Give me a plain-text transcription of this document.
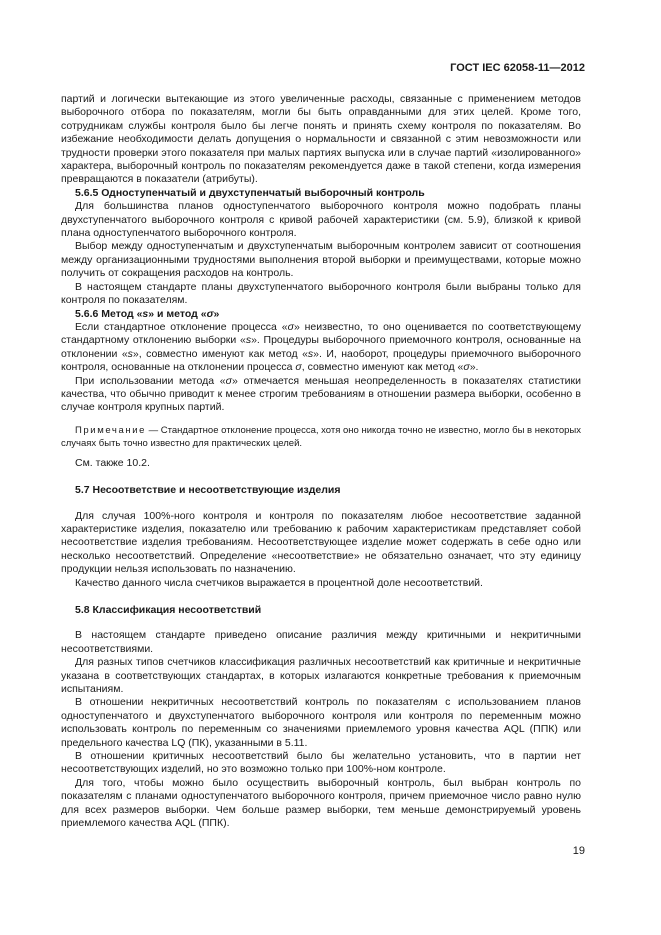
ГОСТ IEC 62058-11—2012

партий и логически вытекающие из этого увеличенные расходы, связанные с применением методов выборочного отбора по показателям, могли бы быть оправданными для этих целей. Кроме того, сотрудникам службы контроля было бы легче понять и принять схему контроля по показателям. Во избежание необходимости делать допущения о нормальности и связанной с этим невозможности или трудности проверки этого показателя при малых партиях выпуска или в случае партий «изолированного» характера, выборочный контроль по показателям рекомендуется даже в такой степени, когда измерения превращаются в показатели (атрибуты).

5.6.5 Одноступенчатый и двухступенчатый выборочный контроль

Для большинства планов одноступенчатого выборочного контроля можно подобрать планы двухступенчатого выборочного контроля с кривой рабочей характеристики (см. 5.9), близкой к кривой плана одноступенчатого выборочного контроля.

Выбор между одноступенчатым и двухступенчатым выборочным контролем зависит от соотношения между организационными трудностями выполнения второй выборки и преимуществами, которые можно получить от сокращения расходов на контроль.

В настоящем стандарте планы двухступенчатого выборочного контроля были выбраны только для контроля по показателям.

5.6.6 Метод «s» и метод «σ»

Если стандартное отклонение процесса «σ» неизвестно, то оно оценивается по соответствующему стандартному отклонению выборки «s». Процедуры выборочного приемочного контроля, основанные на отклонении «s», совместно именуют как метод «s». И, наоборот, процедуры приемочного выборочного контроля, основанные на отклонении процесса σ, совместно именуют как метод «σ».

При использовании метода «σ» отмечается меньшая неопределенность в показателях статистики качества, что обычно приводит к менее строгим требованиям в отношении размера выборки, особенно в случае контроля крупных партий.

Примечание — Стандартное отклонение процесса, хотя оно никогда точно не известно, могло бы в некоторых случаях быть точно известно для практических целей.

См. также 10.2.

5.7 Несоответствие и несоответствующие изделия

Для случая 100%-ного контроля и контроля по показателям любое несоответствие заданной характеристике изделия, показателю или требованию к рабочим характеристикам представляет собой несоответствие изделия требованиям. Несоответствующее изделие может содержать в себе одно или несколько несоответствий. Определение «несоответствие» не обязательно означает, что эту единицу продукции нельзя использовать по назначению.

Качество данного числа счетчиков выражается в процентной доле несоответствий.

5.8 Классификация несоответствий

В настоящем стандарте приведено описание различия между критичными и некритичными несоответствиями.

Для разных типов счетчиков классификация различных несоответствий как критичные и некритичные указана в соответствующих стандартах, в которых излагаются конкретные требования к приемочным испытаниям.

В отношении некритичных несоответствий контроль по показателям с использованием планов одноступенчатого и двухступенчатого выборочного контроля или контроля по переменным можно использовать контроль по переменным со значениями приемлемого уровня качества AQL (ППК) или предельного качества LQ (ПК), указанными в 5.11.

В отношении критичных несоответствий было бы желательно установить, что в партии нет несоответствующих изделий, но это возможно только при 100%-ном контроле.

Для того, чтобы можно было осуществить выборочный контроль, был выбран контроль по показателям с планами одноступенчатого выборочного контроля, причем приемочное число равно нулю для всех размеров выборки. Чем больше размер выборки, тем меньше демонстрируемый уровень приемлемого качества AQL (ППК).

19
